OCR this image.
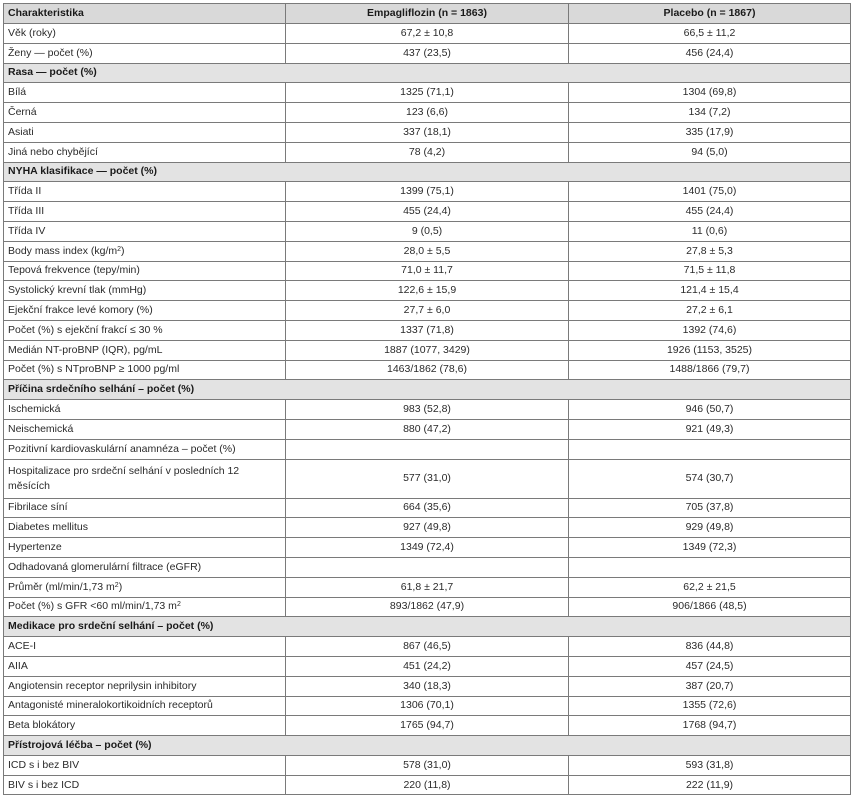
Charakteristika	Empagliflozin (n = 1863)	Placebo (n = 1867)
Věk (roky)	67,2 ± 10,8	66,5 ± 11,2
Ženy — počet (%)	437 (23,5)	456 (24,4)
Rasa — počet (%)		
Bílá	1325 (71,1)	1304 (69,8)
Černá	123 (6,6)	134 (7,2)
Asiati	337 (18,1)	335 (17,9)
Jiná nebo chybějící	78 (4,2)	94 (5,0)
NYHA klasifikace — počet (%)		
Třída II	1399 (75,1)	1401 (75,0)
Třída III	455 (24,4)	455 (24,4)
Třída IV	9 (0,5)	11 (0,6)
Body mass index $(kg/m^2)$	28,0 ± 5,5	27,8 ± 5,3
Tepová frekvence (tepy/min)	71,0 ± 11,7	71,5 ± 11,8
Systolický krevní tlak (mmHg)	122,6 ± 15,9	121,4 ± 15,4
Ejekční frakce levé komory (%)	27,7 ± 6,0	27,2 ± 6,1
Počet (%) s ejekční frakcí ≤ 30 %	1337 (71,8)	1392 (74,6)
Medián NT-proBNP (IQR), pg/mL	1887 (1077, 3429)	1926 (1153, 3525)
Počet (%) s NTproBNP ≥ 1000 pg/ml	1463/1862 (78,6)	1488/1866 (79,7)
Příčina srdečního selhání – počet (%)		
Ischemická	983 (52,8)	946 (50,7)
Neischemická	880 (47,2)	921 (49,3)
Pozitivní kardiovaskulární anamnéza – počet (%)		
Hospitalizace pro srdeční selhání v posledních 12 měsících	577 (31,0)	574 (30,7)
Fibrilace síní	664 (35,6)	705 (37,8)
Diabetes mellitus	927 (49,8)	929 (49,8)
Hypertenze	1349 (72,4)	1349 (72,3)
Odhadovaná glomerulární filtrace (eGFR)		
Průměr (ml/min/1,73 $m^2$)	61,8 ± 21,7	62,2 ± 21,5
Počet (%) s GFR <60 ml/min/1,73 $m^2$	893/1862 (47,9)	906/1866 (48,5)
Medikace pro srdeční selhání – počet (%)		
ACE-I	867 (46,5)	836 (44,8)
AIIA	451 (24,2)	457 (24,5)
Angiotensin receptor neprilysin inhibitory	340 (18,3)	387 (20,7)
Antagonisté mineralokortikoidních receptorů	1306 (70,1)	1355 (72,6)
Beta blokátory	1765 (94,7)	1768 (94,7)
Přístrojová léčba – počet (%)		
ICD s i bez BIV	578 (31,0)	593 (31,8)
BIV s i bez ICD	220 (11,8)	222 (11,9)
